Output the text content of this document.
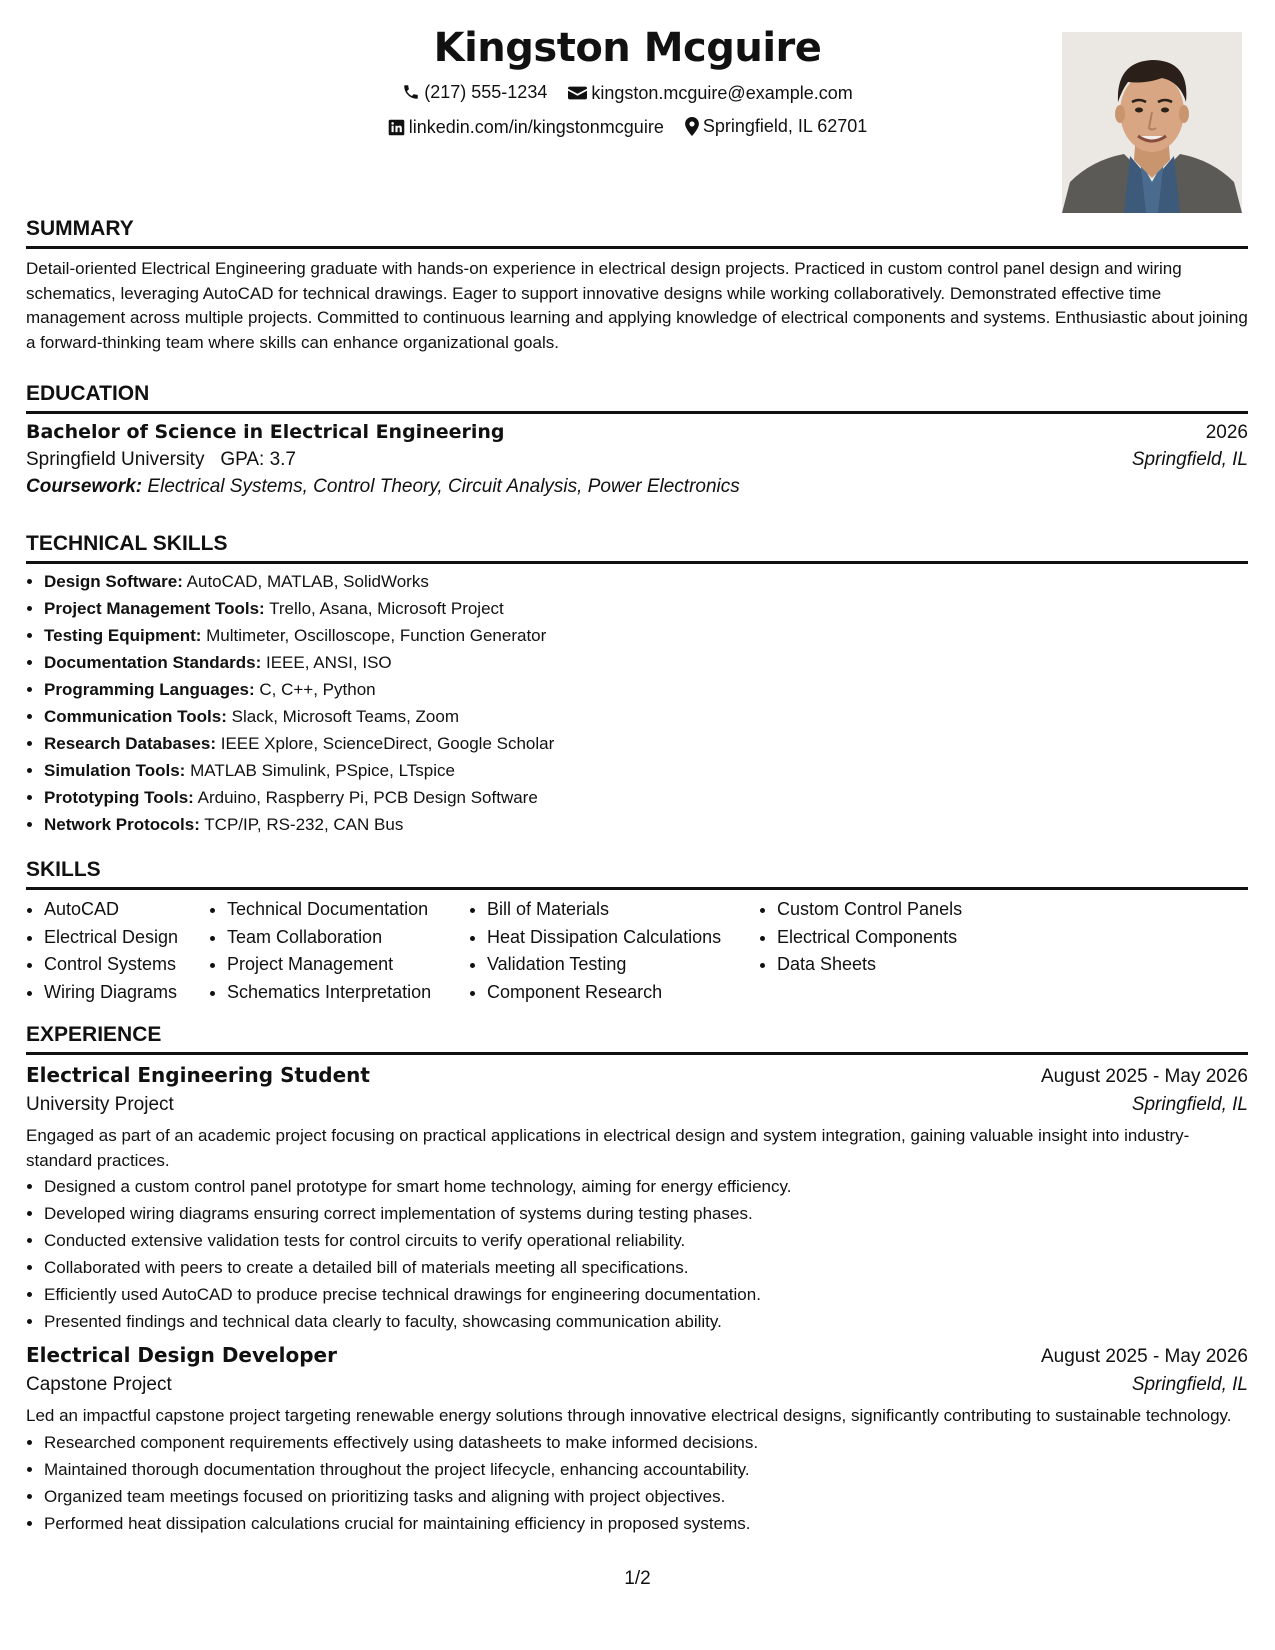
Kingston Mcguire
(217) 555-1234
kingston.mcguire@example.com
linkedin.com/in/kingstonmcguire
Springfield, IL 62701
SUMMARY
Detail-oriented Electrical Engineering graduate with hands-on experience in electrical design projects. Practiced in custom control panel design and wiring schematics, leveraging AutoCAD for technical drawings. Eager to support innovative designs while working collaboratively. Demonstrated effective time management across multiple projects. Committed to continuous learning and applying knowledge of electrical components and systems. Enthusiastic about joining a forward-thinking team where skills can enhance organizational goals.
EDUCATION
Bachelor of Science in Electrical Engineering	2026
Springfield University GPA: 3.7	Springfield, IL
Coursework: Electrical Systems, Control Theory, Circuit Analysis, Power Electronics
TECHNICAL SKILLS
• Design Software: AutoCAD, MATLAB, SolidWorks
• Project Management Tools: Trello, Asana, Microsoft Project
• Testing Equipment: Multimeter, Oscilloscope, Function Generator
• Documentation Standards: IEEE, ANSI, ISO
• Programming Languages: C, C++, Python
• Communication Tools: Slack, Microsoft Teams, Zoom
• Research Databases: IEEE Xplore, ScienceDirect, Google Scholar
• Simulation Tools: MATLAB Simulink, PSpice, LTspice
• Prototyping Tools: Arduino, Raspberry Pi, PCB Design Software
• Network Protocols: TCP/IP, RS-232, CAN Bus
SKILLS
• AutoCAD
• Electrical Design
• Control Systems
• Wiring Diagrams
• Technical Documentation
• Team Collaboration
• Project Management
• Schematics Interpretation
• Bill of Materials
• Heat Dissipation Calculations
• Validation Testing
• Component Research
• Custom Control Panels
• Electrical Components
• Data Sheets
EXPERIENCE
Electrical Engineering Student	August 2025 - May 2026
University Project	Springfield, IL
Engaged as part of an academic project focusing on practical applications in electrical design and system integration, gaining valuable insight into industry-standard practices.
• Designed a custom control panel prototype for smart home technology, aiming for energy efficiency.
• Developed wiring diagrams ensuring correct implementation of systems during testing phases.
• Conducted extensive validation tests for control circuits to verify operational reliability.
• Collaborated with peers to create a detailed bill of materials meeting all specifications.
• Efficiently used AutoCAD to produce precise technical drawings for engineering documentation.
• Presented findings and technical data clearly to faculty, showcasing communication ability.
Electrical Design Developer	August 2025 - May 2026
Capstone Project	Springfield, IL
Led an impactful capstone project targeting renewable energy solutions through innovative electrical designs, significantly contributing to sustainable technology.
• Researched component requirements effectively using datasheets to make informed decisions.
• Maintained thorough documentation throughout the project lifecycle, enhancing accountability.
• Organized team meetings focused on prioritizing tasks and aligning with project objectives.
• Performed heat dissipation calculations crucial for maintaining efficiency in proposed systems.
1/2
